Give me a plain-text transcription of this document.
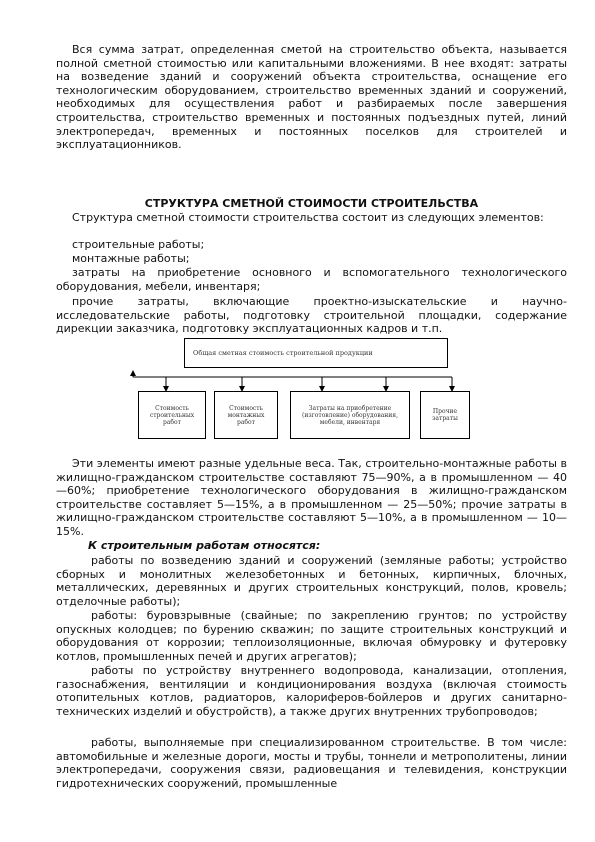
Вся сумма затрат, определенная сметой на строительство объекта, называется полной сметной стоимостью или капитальными вложениями. В нее входят: затраты на возведение зданий и сооружений объекта строительства, оснащение его технологическим оборудованием, строительство временных зданий и сооружений, необходимых для осуществления работ и разбираемых после завершения строительства, строительство временных и постоянных подъездных путей, линий электропередач, временных и постоянных поселков для строителей и эксплуатационников.

СТРУКТУРА СМЕТНОЙ СТОИМОСТИ СТРОИТЕЛЬСТВА

Структура сметной стоимости строительства состоит из следующих элементов:

строительные работы;

монтажные работы;

затраты на приобретение основного и вспомогательного технологического оборудования, мебели, инвентаря;

прочие затраты, включающие проектно-изыскательские и научно-исследовательские работы, подготовку строительной площадки, содержание дирекции заказчика, подготовку эксплуатационных кадров и т.п.

Общая сметная стоимость строительной продукции
Стоимость строительных работ
Стоимость монтажных работ
Затраты на приобретение (изготовление) оборудования, мебели, инвентаря
Прочие затраты

Эти элементы имеют разные удельные веса. Так, строительно-монтажные работы в жилищно-гражданском строительстве составляют 75—90%, а в промышленном — 40—60%; приобретение технологического оборудования в жилищно-гражданском строительстве составляет 5—15%, а в промышленном — 25—50%; прочие затраты в жилищно-гражданском строительстве составляют 5—10%, а в промышленном — 10—15%.

К строительным работам относятся:

работы по возведению зданий и сооружений (земляные работы; устройство сборных и монолитных железобетонных и бетонных, кирпичных, блочных, металлических, деревянных и других строительных конструкций, полов, кровель; отделочные работы);

работы: буровзрывные (свайные; по закреплению грунтов; по устройству опускных колодцев; по бурению скважин; по защите строительных конструкций и оборудования от коррозии; теплоизоляционные, включая обмуровку и футеровку котлов, промышленных печей и других агрегатов);

работы по устройству внутреннего водопровода, канализации, отопления, газоснабжения, вентиляции и кондиционирования воздуха (включая стоимость отопительных котлов, радиаторов, калориферов-бойлеров и других санитарно-технических изделий и обустройств), а также других внутренних трубопроводов;

работы, выполняемые при специализированном строительстве. В том числе: автомобильные и железные дороги, мосты и трубы, тоннели и метрополитены, линии электропередачи, сооружения связи, радиовещания и телевидения, конструкции гидротехнических сооружений, промышленные
